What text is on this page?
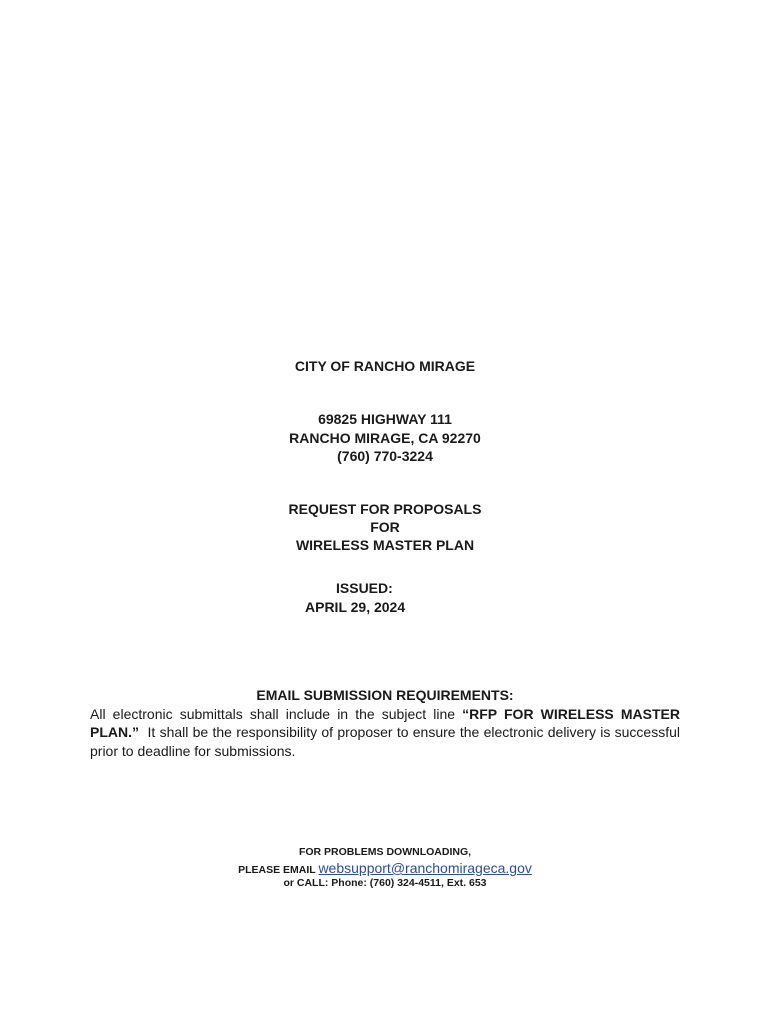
CITY OF RANCHO MIRAGE
69825 HIGHWAY 111
RANCHO MIRAGE, CA 92270
(760) 770-3224
REQUEST FOR PROPOSALS
FOR
WIRELESS MASTER PLAN
ISSUED:
APRIL 29, 2024
EMAIL SUBMISSION REQUIREMENTS:
All electronic submittals shall include in the subject line “RFP FOR WIRELESS MASTER PLAN.”  It shall be the responsibility of proposer to ensure the electronic delivery is successful prior to deadline for submissions.
FOR PROBLEMS DOWNLOADING,
PLEASE EMAIL websupport@ranchomirageca.gov
or CALL: Phone: (760) 324-4511, Ext. 653
